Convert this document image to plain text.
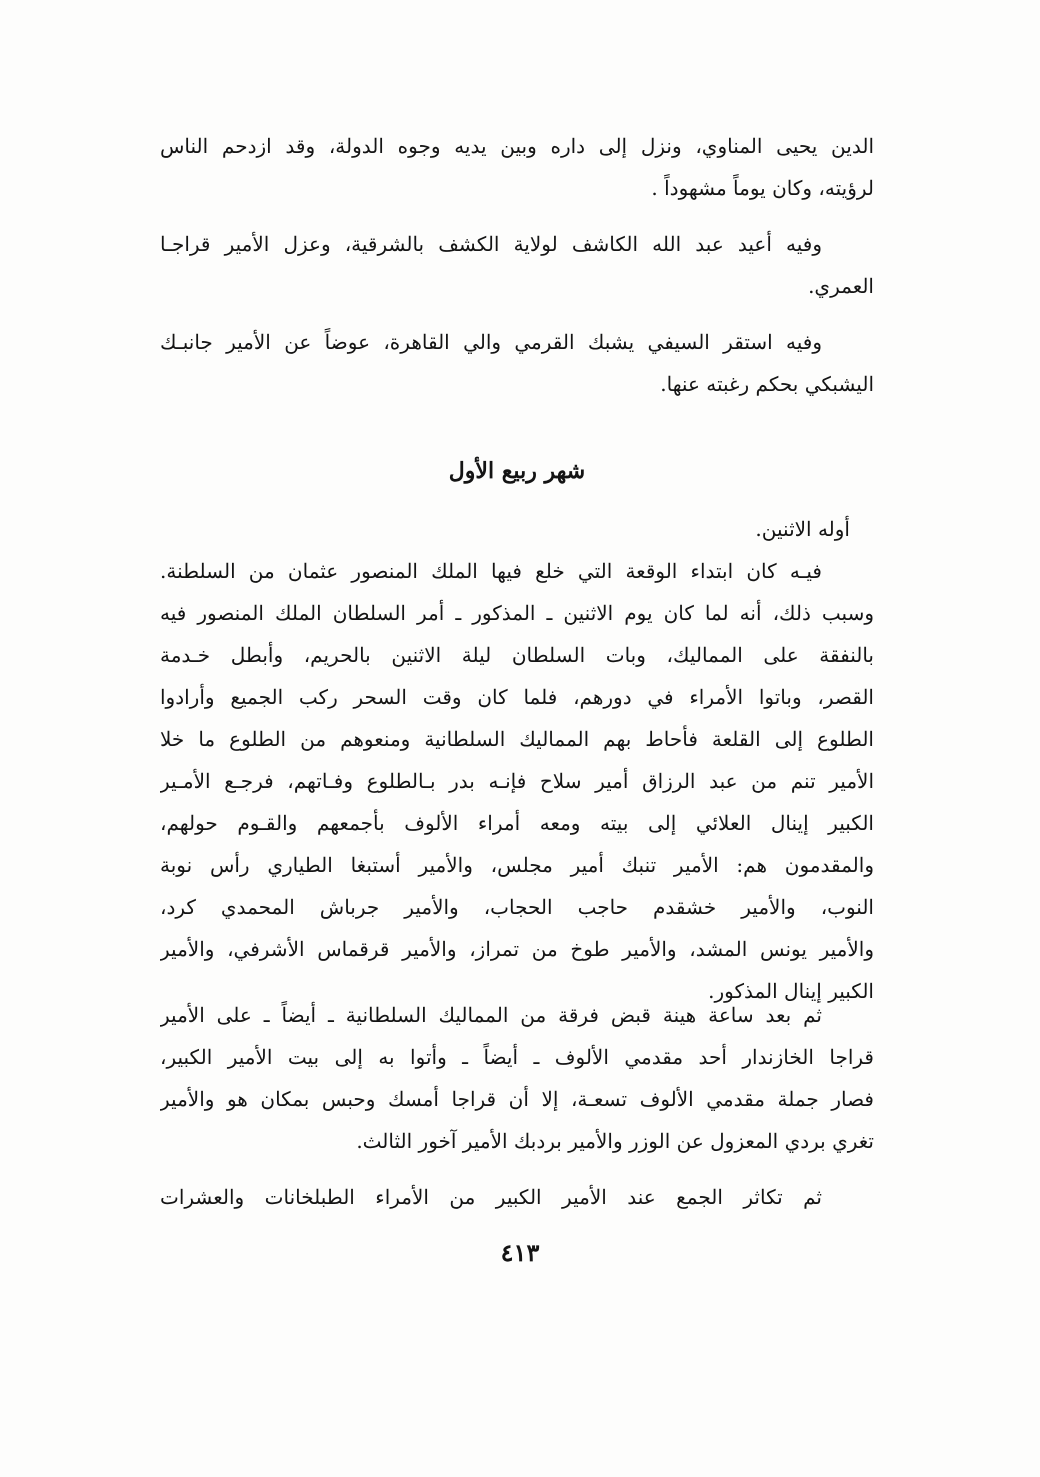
الدين يحيى المناوي، ونزل إلى داره وبين يديه وجوه الدولة، وقد ازدحم الناس
لرؤيته، وكان يوماً مشهوداً .
وفيه أعيد عبد الله الكاشف لولاية الكشف بالشرقية، وعزل الأمير قراجـا
العمري.
وفيه استقر السيفي يشبك القرمي والي القاهرة، عوضاً عن الأمير جانبـك
اليشبكي بحكم رغبته عنها.
شهر ربيع الأول
أوله الاثنين.
فيـه كان ابتداء الوقعة التي خلع فيها الملك المنصور عثمان من السلطنة.
وسبب ذلك، أنه لما كان يوم الاثنين ـ المذكور ـ أمر السلطان الملك المنصور فيه
بالنفقة على المماليك، وبات السلطان ليلة الاثنين بالحريم، وأبطل خـدمة
القصر، وباتوا الأمراء في دورهم، فلما كان وقت السحر ركب الجميع وأرادوا
الطلوع إلى القلعة فأحاط بهم المماليك السلطانية ومنعوهم من الطلوع ما خلا
الأمير تنم من عبد الرزاق أمير سلاح فإنـه بدر بـالطلوع وفـاتهم، فرجـع الأمـير
الكبير إينال العلائي إلى بيته ومعه أمراء الألوف بأجمعهم والقـوم حولهم،
والمقدمون هم: الأمير تنبك أمير مجلس، والأمير أستبغا الطياري رأس نوبة
النوب، والأمير خشقدم حاجب الحجاب، والأمير جرباش المحمدي كرد،
والأمير يونس المشد، والأمير طوخ من تمراز، والأمير قرقماس الأشرفي، والأمير
الكبير إينال المذكور.
ثم بعد ساعة هينة قبض فرقة من المماليك السلطانية ـ أيضاً ـ على الأمير
قراجا الخازندار أحد مقدمي الألوف ـ أيضاً ـ وأتوا به إلى بيت الأمير الكبير،
فصار جملة مقدمي الألوف تسعـة، إلا أن قراجا أمسك وحبس بمكان هو والأمير
تغري بردي المعزول عن الوزر والأمير بردبك الأمير آخور الثالث.
ثم تكاثر الجمع عند الأمير الكبير من الأمراء الطبلخانات والعشرات
٤١٣
